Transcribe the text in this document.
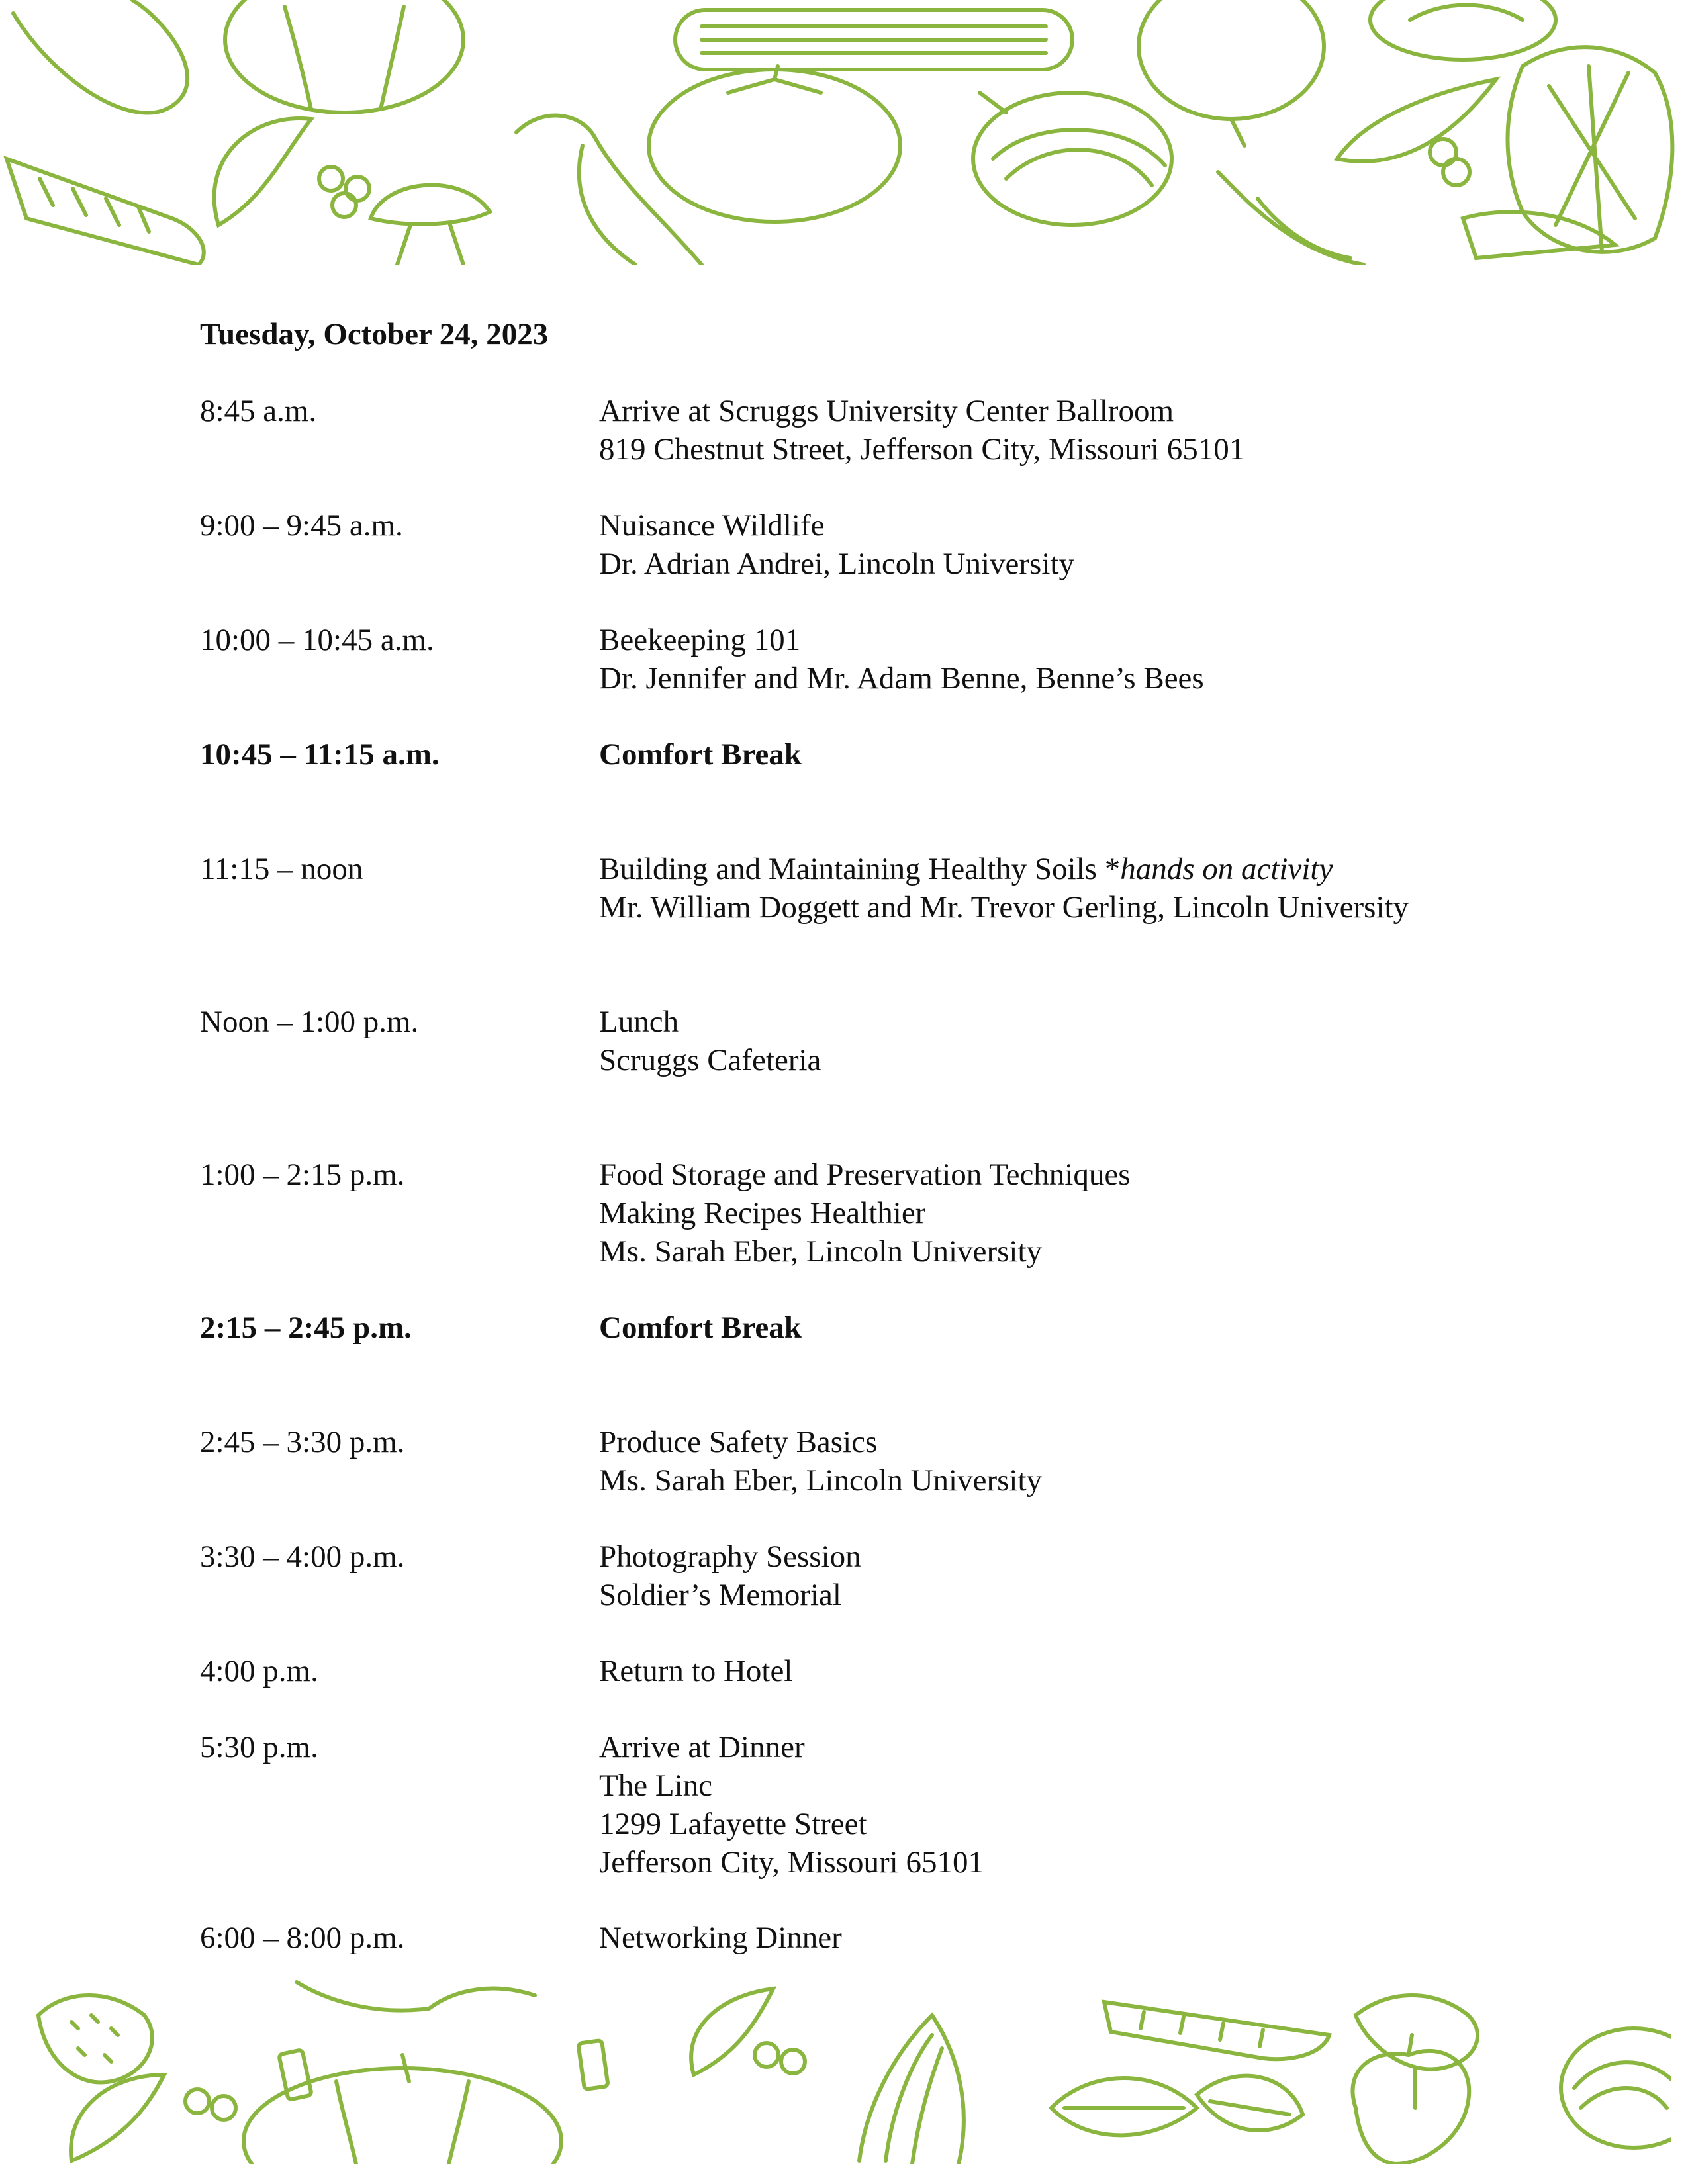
Tuesday, October 24, 2023
8:45 a.m.	Arrive at Scruggs University Center Ballroom
819 Chestnut Street, Jefferson City, Missouri 65101
9:00 – 9:45 a.m.	Nuisance Wildlife
Dr. Adrian Andrei, Lincoln University
10:00 – 10:45 a.m.	Beekeeping 101
Dr. Jennifer and Mr. Adam Benne, Benne’s Bees
10:45 – 11:15 a.m.	Comfort Break
11:15 – noon	Building and Maintaining Healthy Soils *hands on activity
Mr. William Doggett and Mr. Trevor Gerling, Lincoln University
Noon – 1:00 p.m.	Lunch
Scruggs Cafeteria
1:00 – 2:15 p.m.	Food Storage and Preservation Techniques
Making Recipes Healthier
Ms. Sarah Eber, Lincoln University
2:15 – 2:45 p.m.	Comfort Break
2:45 – 3:30 p.m.	Produce Safety Basics
Ms. Sarah Eber, Lincoln University
3:30 – 4:00 p.m.	Photography Session
Soldier’s Memorial
4:00 p.m.	Return to Hotel
5:30 p.m.	Arrive at Dinner
The Linc
1299 Lafayette Street
Jefferson City, Missouri 65101
6:00 – 8:00 p.m.	Networking Dinner
